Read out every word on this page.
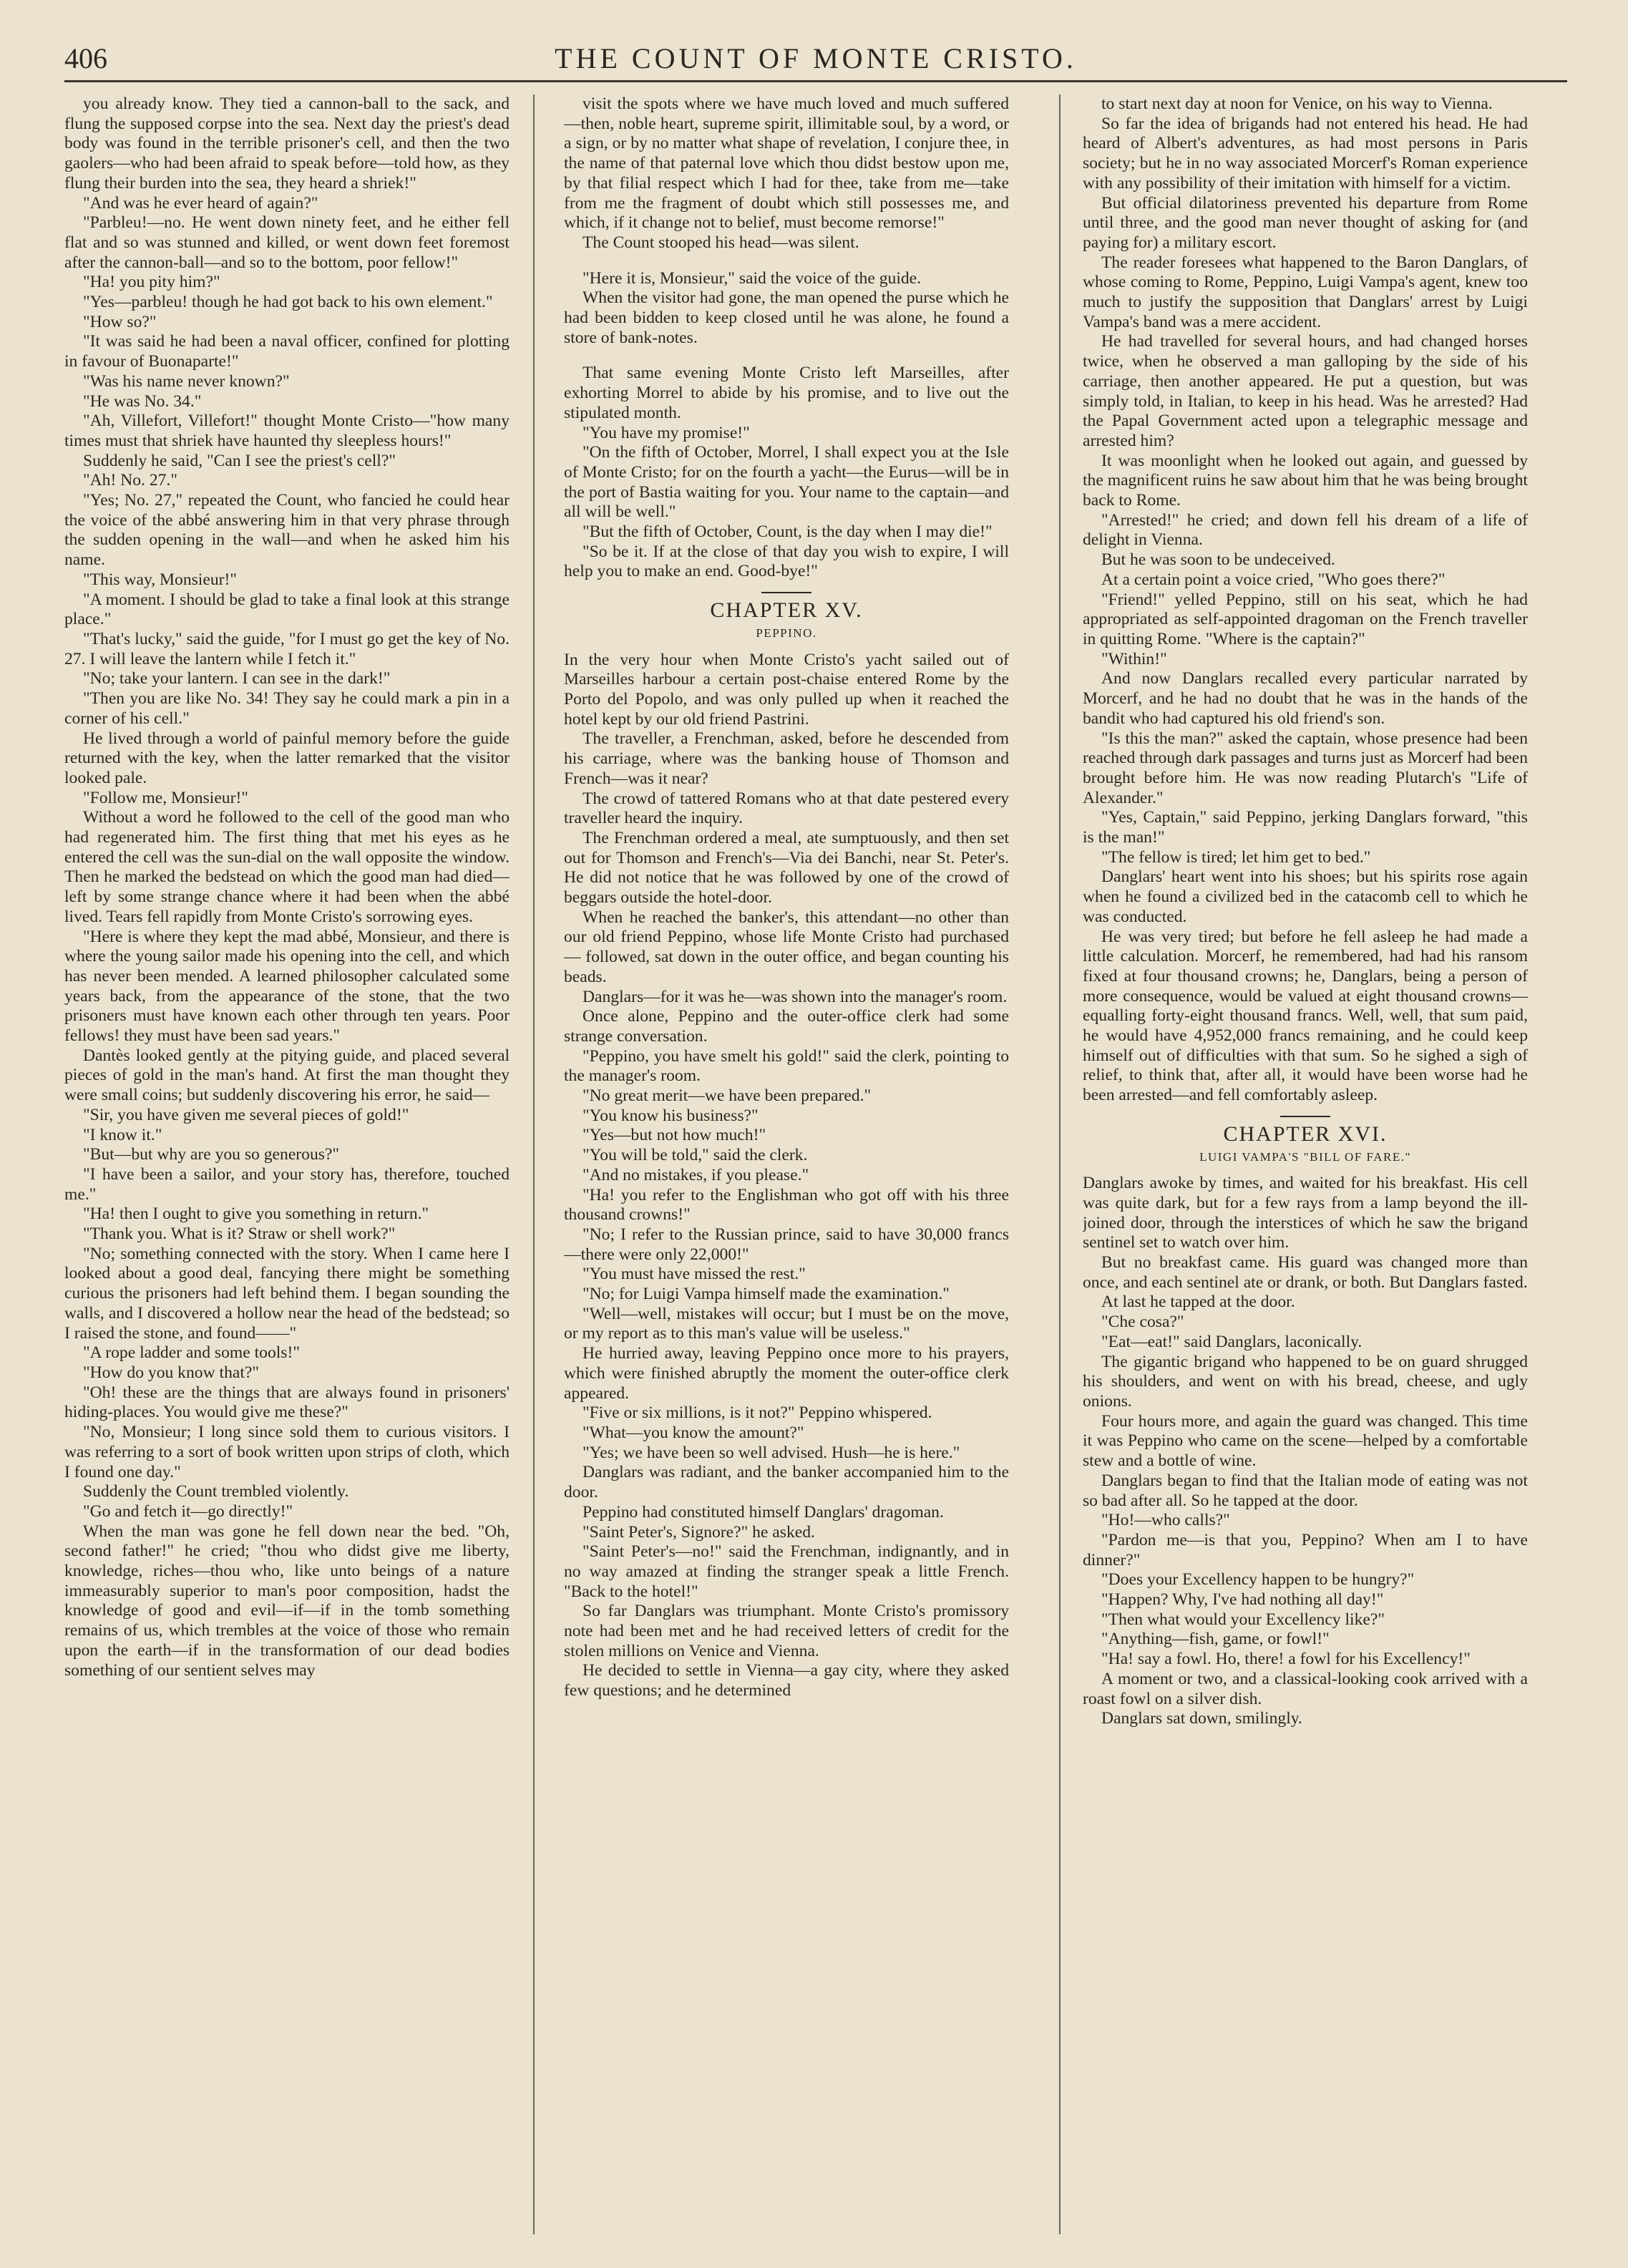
406	THE COUNT OF MONTE CRISTO.

you already know. They tied a cannon-ball to the sack, and flung the supposed corpse into the sea. Next day the priest's dead body was found in the terrible prisoner's cell, and then the two gaolers—who had been afraid to speak before—told how, as they flung their burden into the sea, they heard a shriek!"

"And was he ever heard of again?"

"Parbleu!—no. He went down ninety feet, and he either fell flat and so was stunned and killed, or went down feet foremost after the cannon-ball—and so to the bottom, poor fellow!"

"Ha! you pity him?"

"Yes—parbleu! though he had got back to his own element."

"How so?"

"It was said he had been a naval officer, confined for plotting in favour of Buonaparte!"

"Was his name never known?"

"He was No. 34."

"Ah, Villefort, Villefort!" thought Monte Cristo—"how many times must that shriek have haunted thy sleepless hours!"

Suddenly he said, "Can I see the priest's cell?"

"Ah! No. 27."

"Yes; No. 27," repeated the Count, who fancied he could hear the voice of the abbé answering him in that very phrase through the sudden opening in the wall—and when he asked him his name.

"This way, Monsieur!"

"A moment. I should be glad to take a final look at this strange place."

"That's lucky," said the guide, "for I must go get the key of No. 27. I will leave the lantern while I fetch it."

"No; take your lantern. I can see in the dark!"

"Then you are like No. 34! They say he could mark a pin in a corner of his cell."

He lived through a world of painful memory before the guide returned with the key, when the latter remarked that the visitor looked pale.

"Follow me, Monsieur!"

Without a word he followed to the cell of the good man who had regenerated him. The first thing that met his eyes as he entered the cell was the sun-dial on the wall opposite the window. Then he marked the bedstead on which the good man had died—left by some strange chance where it had been when the abbé lived. Tears fell rapidly from Monte Cristo's sorrowing eyes.

"Here is where they kept the mad abbé, Monsieur, and there is where the young sailor made his opening into the cell, and which has never been mended. A learned philosopher calculated some years back, from the appearance of the stone, that the two prisoners must have known each other through ten years. Poor fellows! they must have been sad years."

Dantès looked gently at the pitying guide, and placed several pieces of gold in the man's hand. At first the man thought they were small coins; but suddenly discovering his error, he said—

"Sir, you have given me several pieces of gold!"

"I know it."

"But—but why are you so generous?"

"I have been a sailor, and your story has, therefore, touched me."

"Ha! then I ought to give you something in return."

"Thank you. What is it? Straw or shell work?"

"No; something connected with the story. When I came here I looked about a good deal, fancying there might be something curious the prisoners had left behind them. I began sounding the walls, and I discovered a hollow near the head of the bedstead; so I raised the stone, and found——"

"A rope ladder and some tools!"

"How do you know that?"

"Oh! these are the things that are always found in prisoners' hiding-places. You would give me these?"

"No, Monsieur; I long since sold them to curious visitors. I was referring to a sort of book written upon strips of cloth, which I found one day."

Suddenly the Count trembled violently.

"Go and fetch it—go directly!"

When the man was gone he fell down near the bed. "Oh, second father!" he cried; "thou who didst give me liberty, knowledge, riches—thou who, like unto beings of a nature immeasurably superior to man's poor composition, hadst the knowledge of good and evil—if—if in the tomb something remains of us, which trembles at the voice of those who remain upon the earth—if in the transformation of our dead bodies something of our sentient selves may

visit the spots where we have much loved and much suffered—then, noble heart, supreme spirit, illimitable soul, by a word, or a sign, or by no matter what shape of revelation, I conjure thee, in the name of that paternal love which thou didst bestow upon me, by that filial respect which I had for thee, take from me—take from me the fragment of doubt which still possesses me, and which, if it change not to belief, must become remorse!"

The Count stooped his head—was silent.

"Here it is, Monsieur," said the voice of the guide.

When the visitor had gone, the man opened the purse which he had been bidden to keep closed until he was alone, he found a store of bank-notes.

That same evening Monte Cristo left Marseilles, after exhorting Morrel to abide by his promise, and to live out the stipulated month.

"You have my promise!"

"On the fifth of October, Morrel, I shall expect you at the Isle of Monte Cristo; for on the fourth a yacht—the Eurus—will be in the port of Bastia waiting for you. Your name to the captain—and all will be well."

"But the fifth of October, Count, is the day when I may die!"

"So be it. If at the close of that day you wish to expire, I will help you to make an end. Good-bye!"

CHAPTER XV.
PEPPINO.

In the very hour when Monte Cristo's yacht sailed out of Marseilles harbour a certain post-chaise entered Rome by the Porto del Popolo, and was only pulled up when it reached the hotel kept by our old friend Pastrini.

The traveller, a Frenchman, asked, before he descended from his carriage, where was the banking house of Thomson and French—was it near?

The crowd of tattered Romans who at that date pestered every traveller heard the inquiry.

The Frenchman ordered a meal, ate sumptuously, and then set out for Thomson and French's—Via dei Banchi, near St. Peter's. He did not notice that he was followed by one of the crowd of beggars outside the hotel-door.

When he reached the banker's, this attendant—no other than our old friend Peppino, whose life Monte Cristo had purchased — followed, sat down in the outer office, and began counting his beads.

Danglars—for it was he—was shown into the manager's room.

Once alone, Peppino and the outer-office clerk had some strange conversation.

"Peppino, you have smelt his gold!" said the clerk, pointing to the manager's room.

"No great merit—we have been prepared."

"You know his business?"

"Yes—but not how much!"

"You will be told," said the clerk.

"And no mistakes, if you please."

"Ha! you refer to the Englishman who got off with his three thousand crowns!"

"No; I refer to the Russian prince, said to have 30,000 francs—there were only 22,000!"

"You must have missed the rest."

"No; for Luigi Vampa himself made the examination."

"Well—well, mistakes will occur; but I must be on the move, or my report as to this man's value will be useless."

He hurried away, leaving Peppino once more to his prayers, which were finished abruptly the moment the outer-office clerk appeared.

"Five or six millions, is it not?" Peppino whispered.

"What—you know the amount?"

"Yes; we have been so well advised. Hush—he is here."

Danglars was radiant, and the banker accompanied him to the door.

Peppino had constituted himself Danglars' dragoman.

"Saint Peter's, Signore?" he asked.

"Saint Peter's—no!" said the Frenchman, indignantly, and in no way amazed at finding the stranger speak a little French. "Back to the hotel!"

So far Danglars was triumphant. Monte Cristo's promissory note had been met and he had received letters of credit for the stolen millions on Venice and Vienna.

He decided to settle in Vienna—a gay city, where they asked few questions; and he determined

to start next day at noon for Venice, on his way to Vienna.

So far the idea of brigands had not entered his head. He had heard of Albert's adventures, as had most persons in Paris society; but he in no way associated Morcerf's Roman experience with any possibility of their imitation with himself for a victim.

But official dilatoriness prevented his departure from Rome until three, and the good man never thought of asking for (and paying for) a military escort.

The reader foresees what happened to the Baron Danglars, of whose coming to Rome, Peppino, Luigi Vampa's agent, knew too much to justify the supposition that Danglars' arrest by Luigi Vampa's band was a mere accident.

He had travelled for several hours, and had changed horses twice, when he observed a man galloping by the side of his carriage, then another appeared. He put a question, but was simply told, in Italian, to keep in his head. Was he arrested? Had the Papal Government acted upon a telegraphic message and arrested him?

It was moonlight when he looked out again, and guessed by the magnificent ruins he saw about him that he was being brought back to Rome.

"Arrested!" he cried; and down fell his dream of a life of delight in Vienna.

But he was soon to be undeceived.

At a certain point a voice cried, "Who goes there?"

"Friend!" yelled Peppino, still on his seat, which he had appropriated as self-appointed dragoman on the French traveller in quitting Rome. "Where is the captain?"

"Within!"

And now Danglars recalled every particular narrated by Morcerf, and he had no doubt that he was in the hands of the bandit who had captured his old friend's son.

"Is this the man?" asked the captain, whose presence had been reached through dark passages and turns just as Morcerf had been brought before him. He was now reading Plutarch's "Life of Alexander."

"Yes, Captain," said Peppino, jerking Danglars forward, "this is the man!"

"The fellow is tired; let him get to bed."

Danglars' heart went into his shoes; but his spirits rose again when he found a civilized bed in the catacomb cell to which he was conducted.

He was very tired; but before he fell asleep he had made a little calculation. Morcerf, he remembered, had had his ransom fixed at four thousand crowns; he, Danglars, being a person of more consequence, would be valued at eight thousand crowns—equalling forty-eight thousand francs. Well, well, that sum paid, he would have 4,952,000 francs remaining, and he could keep himself out of difficulties with that sum. So he sighed a sigh of relief, to think that, after all, it would have been worse had he been arrested—and fell comfortably asleep.

CHAPTER XVI.
LUIGI VAMPA'S "BILL OF FARE."

Danglars awoke by times, and waited for his breakfast. His cell was quite dark, but for a few rays from a lamp beyond the ill-joined door, through the interstices of which he saw the brigand sentinel set to watch over him.

But no breakfast came. His guard was changed more than once, and each sentinel ate or drank, or both. But Danglars fasted.

At last he tapped at the door.

"Che cosa?"

"Eat—eat!" said Danglars, laconically.

The gigantic brigand who happened to be on guard shrugged his shoulders, and went on with his bread, cheese, and ugly onions.

Four hours more, and again the guard was changed. This time it was Peppino who came on the scene—helped by a comfortable stew and a bottle of wine.

Danglars began to find that the Italian mode of eating was not so bad after all. So he tapped at the door.

"Ho!—who calls?"

"Pardon me—is that you, Peppino? When am I to have dinner?"

"Does your Excellency happen to be hungry?"

"Happen? Why, I've had nothing all day!"

"Then what would your Excellency like?"

"Anything—fish, game, or fowl!"

"Ha! say a fowl. Ho, there! a fowl for his Excellency!"

A moment or two, and a classical-looking cook arrived with a roast fowl on a silver dish.

Danglars sat down, smilingly.
